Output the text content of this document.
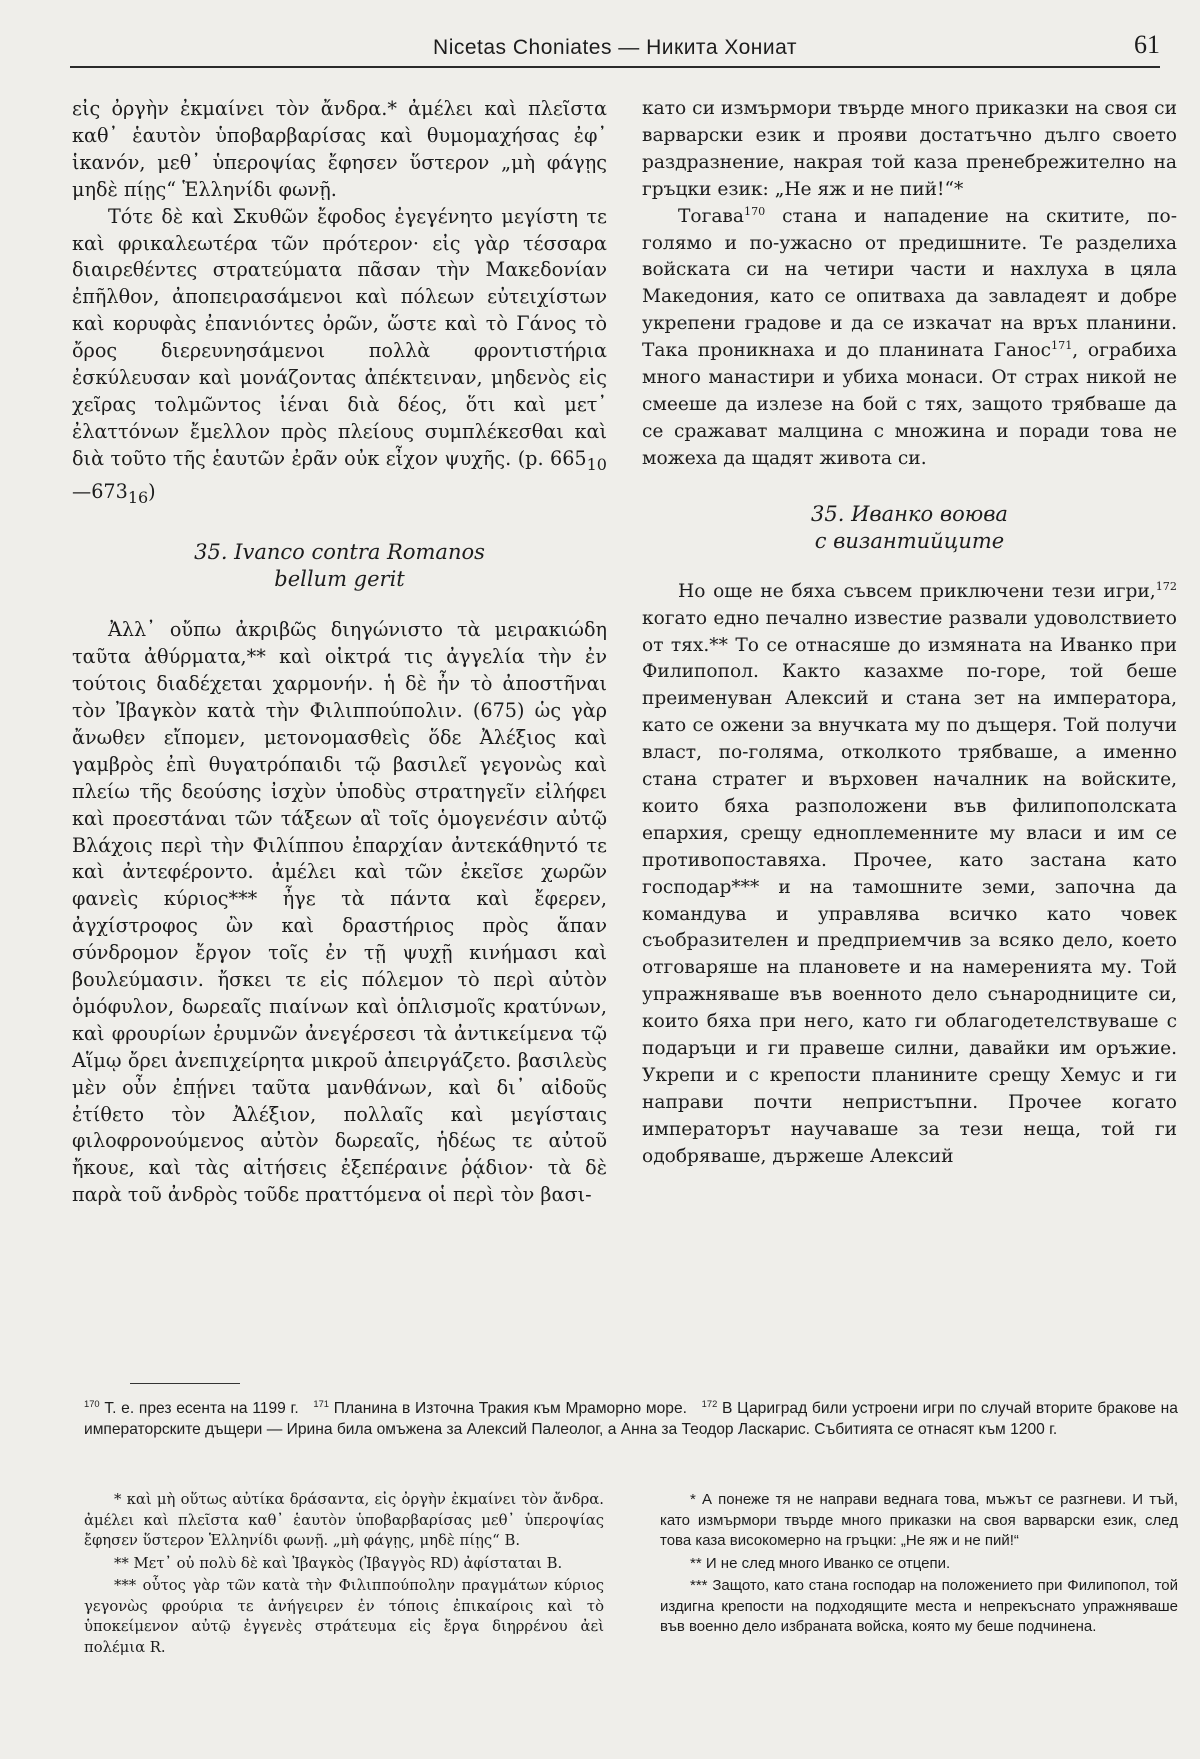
Nicetas Choniates — Никита Хониат	61

εἰς ὀργὴν ἐκμαίνει τὸν ἄνδρα.* ἀμέλει καὶ πλεῖστα καθ᾽ ἑαυτὸν ὑποβαρβαρίσας καὶ θυμομαχήσας ἐφ᾽ ἱκανόν, μεθ᾽ ὑπεροψίας ἔφησεν ὕστερον „μὴ φάγῃς μηδὲ πίῃς“ Ἑλληνίδι φωνῇ.

Τότε δὲ καὶ Σκυθῶν ἔφοδος ἐγεγένητο μεγίστη τε καὶ φρικαλεωτέρα τῶν πρότερον· εἰς γὰρ τέσσαρα διαιρεθέντες στρατεύματα πᾶσαν τὴν Μακεδονίαν ἐπῆλθον, ἀποπειρασάμενοι καὶ πόλεων εὐτειχίστων καὶ κορυφὰς ἐπανιόντες ὀρῶν, ὥστε καὶ τὸ Γάνος τὸ ὄρος διερευνησάμενοι πολλὰ φροντιστήρια ἐσκύλευσαν καὶ μονάζοντας ἀπέκτειναν, μηδενὸς εἰς χεῖρας τολμῶντος ἰέναι διὰ δέος, ὅτι καὶ μετ᾽ ἐλαττόνων ἔμελλον πρὸς πλείους συμπλέκεσθαι καὶ διὰ τοῦτο τῆς ἑαυτῶν ἐρᾶν οὐκ εἶχον ψυχῆς. (p. $665_{10}—673_{16}$)

35. Ivanco contra Romanos
bellum gerit

Ἀλλ᾽ οὔπω ἀκριβῶς διηγώνιστο τὰ μειρακιώδη ταῦτα ἀθύρματα,** καὶ οἰκτρά τις ἀγγελία τὴν ἐν τούτοις διαδέχεται χαρμονήν. ἡ δὲ ἦν τὸ ἀποστῆναι τὸν Ἰβαγκὸν κατὰ τὴν Φιλιππούπολιν. (675) ὡς γὰρ ἄνωθεν εἴπομεν, μετονομασθεὶς ὅδε Ἀλέξιος καὶ γαμβρὸς ἐπὶ θυγατρόπαιδι τῷ βασιλεῖ γεγονὼς καὶ πλείω τῆς δεούσης ἰσχὺν ὑποδὺς στρατηγεῖν εἰλήφει καὶ προεστάναι τῶν τάξεων αἳ τοῖς ὁμογενέσιν αὐτῷ Βλάχοις περὶ τὴν Φιλίππου ἐπαρχίαν ἀντεκάθηντό τε καὶ ἀντεφέροντο. ἀμέλει καὶ τῶν ἐκεῖσε χωρῶν φανεὶς κύριος*** ἦγε τὰ πάντα καὶ ἔφερεν, ἀγχίστροφος ὢν καὶ δραστήριος πρὸς ἅπαν σύνδρομον ἔργον τοῖς ἐν τῇ ψυχῇ κινήμασι καὶ βουλεύμασιν. ἤσκει τε εἰς πόλεμον τὸ περὶ αὐτὸν ὁμόφυλον, δωρεαῖς πιαίνων καὶ ὁπλισμοῖς κρατύνων, καὶ φρουρίων ἐρυμνῶν ἀνεγέρσεσι τὰ ἀντικείμενα τῷ Αἵμῳ ὄρει ἀνεπιχείρητα μικροῦ ἀπειργάζετο. βασιλεὺς μὲν οὖν ἐπῄνει ταῦτα μανθάνων, καὶ δι᾽ αἰδοῦς ἐτίθετο τὸν Ἀλέξιον, πολλαῖς καὶ μεγίσταις φιλοφρονούμενος αὐτὸν δωρεαῖς, ἡδέως τε αὐτοῦ ἤκουε, καὶ τὰς αἰτήσεις ἐξεπέραινε ῥᾴδιον· τὰ δὲ παρὰ τοῦ ἀνδρὸς τοῦδε πραττόμενα οἱ περὶ τὸν βασι-

като си измърмори твърде много приказки на своя си варварски език и прояви достатъчно дълго своето раздразнение, накрая той каза пренебрежително на гръцки език: „Не яж и не пий!“*

Тогава$^{170}$ стана и нападение на скитите, по-голямо и по-ужасно от предишните. Те разделиха войската си на четири части и нахлуха в цяла Македония, като се опитваха да завладеят и добре укрепени градове и да се изкачат на връх планини. Така проникнаха и до планината Ганос$^{171}$, ограбиха много манастири и убиха монаси. От страх никой не смееше да излезе на бой с тях, защото трябваше да се сражават малцина с множина и поради това не можеха да щадят живота си.

35. Иванко воюва
с византийците

Но още не бяха съвсем приключени тези игри,$^{172}$ когато едно печално известие развали удоволствието от тях.** То се отнасяше до измяната на Иванко при Филипопол. Както казахме по-горе, той беше преименуван Алексий и стана зет на императора, като се ожени за внучката му по дъщеря. Той получи власт, по-голяма, отколкото трябваше, а именно стана стратег и върховен началник на войските, които бяха разположени във филипополската епархия, срещу едноплеменните му власи и им се противопоставяха. Прочее, като застана като господар*** и на тамошните земи, започна да командува и управлява всичко като човек съобразителен и предприемчив за всяко дело, което отговаряше на плановете и на намеренията му. Той упражняваше във военното дело сънародниците си, които бяха при него, като ги облагодетелствуваше с подаръци и ги правеше силни, давайки им оръжие. Укрепи и с крепости планините срещу Хемус и ги направи почти непристъпни. Прочее когато императорът научаваше за тези неща, той ги одобряваше, държеше Алексий

$^{170}$ Т. е. през есента на 1199 г. $^{171}$ Планина в Източна Тракия към Мраморно море. $^{172}$ В Цариград били устроени игри по случай вторите бракове на императорските дъщери — Ирина била омъжена за Алексий Палеолог, а Анна за Теодор Ласкарис. Събитията се отнасят към 1200 г.

* καὶ μὴ οὕτως αὐτίκα δράσαντα, εἰς ὀργὴν ἐκμαίνει τὸν ἄνδρα. ἀμέλει καὶ πλεῖστα καθ᾽ ἑαυτὸν ὑποβαρβαρίσας μεθ᾽ ὑπεροψίας ἔφησεν ὕστερον Ἑλληνίδι φωνῇ. „μὴ φάγῃς, μηδὲ πίῃς“ B.

** Μετ᾽ οὐ πολὺ δὲ καὶ Ἰβαγκὸς (Ἰβαγγὸς RD) ἀφίσταται B.

*** οὗτος γὰρ τῶν κατὰ τὴν Φιλιππούπολην πραγμάτων κύριος γεγονὼς φρούρια τε ἀνήγειρεν ἐν τόποις ἐπικαίροις καὶ τὸ ὑποκείμενον αὐτῷ ἐγγενὲς στράτευμα εἰς ἔργα διηρρένου ἀεὶ πολέμια R.

* А понеже тя не направи веднага това, мъжът се разгневи. И тъй, като измърмори твърде много приказки на своя варварски език, след това каза високомерно на гръцки: „Не яж и не пий!“

** И не след много Иванко се отцепи.

*** Защото, като стана господар на положението при Филипопол, той издигна крепости на подходящите места и непрекъснато упражняваше във военно дело избраната войска, която му беше подчинена.
